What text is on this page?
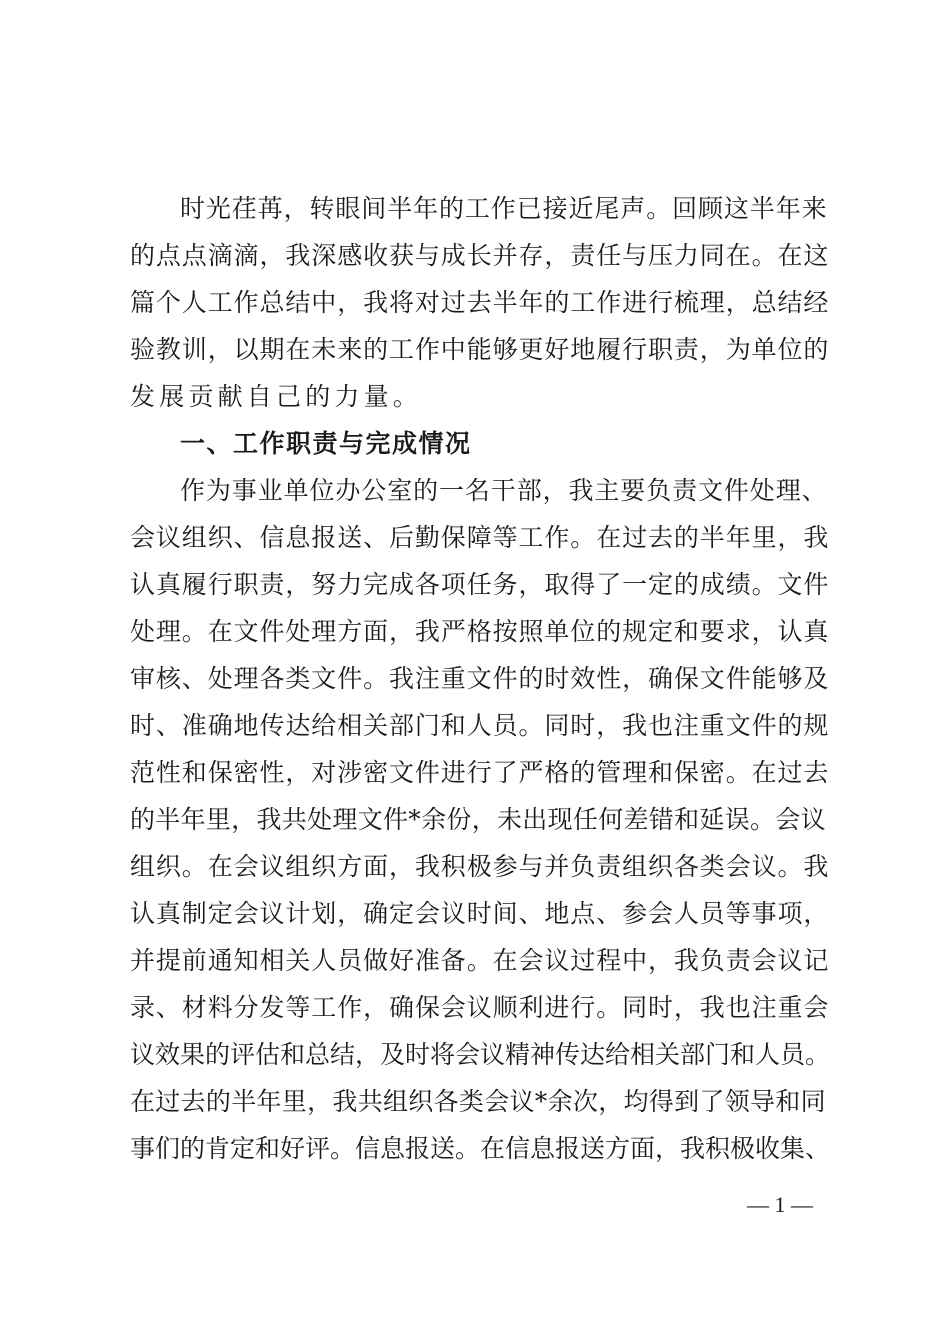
时光荏苒，转眼间半年的工作已接近尾声。回顾这半年来
的点点滴滴，我深感收获与成长并存，责任与压力同在。在这
篇个人工作总结中，我将对过去半年的工作进行梳理，总结经
验教训，以期在未来的工作中能够更好地履行职责，为单位的
发展贡献自己的力量。
一、工作职责与完成情况
作为事业单位办公室的一名干部，我主要负责文件处理、
会议组织、信息报送、后勤保障等工作。在过去的半年里，我
认真履行职责，努力完成各项任务，取得了一定的成绩。文件
处理。在文件处理方面，我严格按照单位的规定和要求，认真
审核、处理各类文件。我注重文件的时效性，确保文件能够及
时、准确地传达给相关部门和人员。同时，我也注重文件的规
范性和保密性，对涉密文件进行了严格的管理和保密。在过去
的半年里，我共处理文件*余份，未出现任何差错和延误。会议
组织。在会议组织方面，我积极参与并负责组织各类会议。我
认真制定会议计划，确定会议时间、地点、参会人员等事项，
并提前通知相关人员做好准备。在会议过程中，我负责会议记
录、材料分发等工作，确保会议顺利进行。同时，我也注重会
议效果的评估和总结，及时将会议精神传达给相关部门和人员。
在过去的半年里，我共组织各类会议*余次，均得到了领导和同
事们的肯定和好评。信息报送。在信息报送方面，我积极收集、
— 1 —
